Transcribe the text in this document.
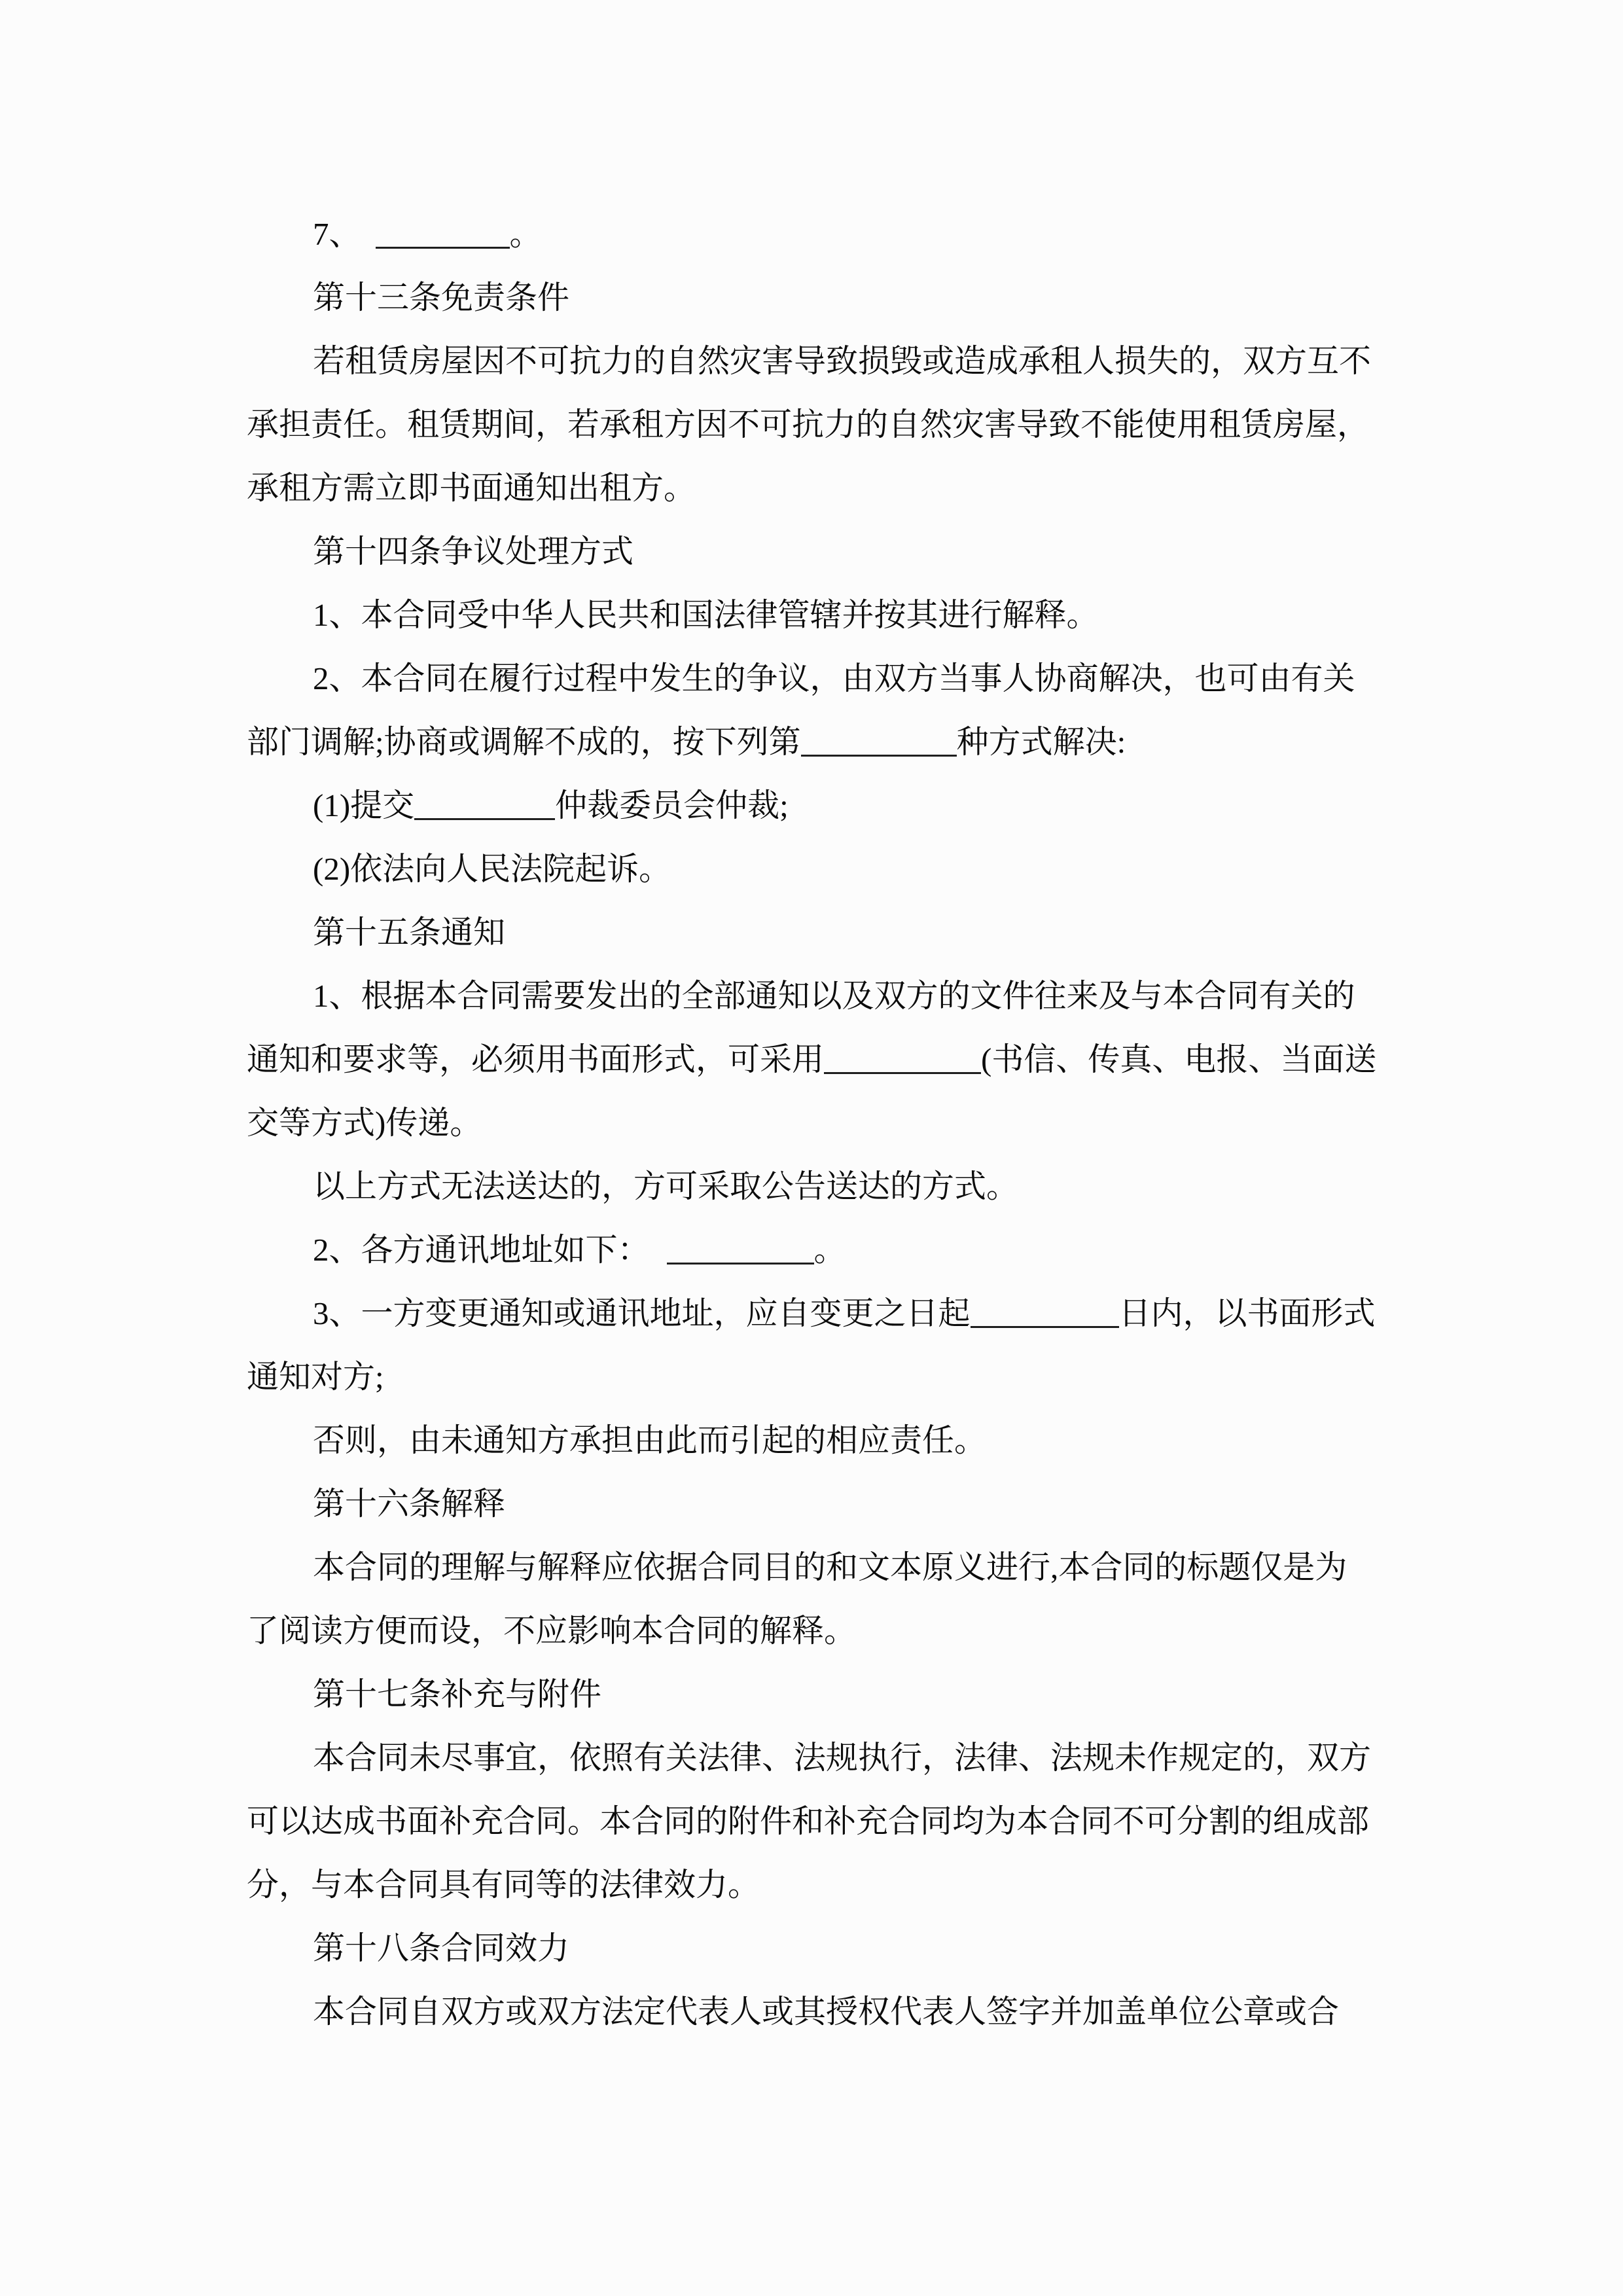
7、	。

第十三条免责条件

若租赁房屋因不可抗力的自然灾害导致损毁或造成承租人损失的，双方互不

承担责任。租赁期间，若承租方因不可抗力的自然灾害导致不能使用租赁房屋，

承租方需立即书面通知出租方。

第十四条争议处理方式

1、本合同受中华人民共和国法律管辖并按其进行解释。

2、本合同在履行过程中发生的争议，由双方当事人协商解决，也可由有关

部门调解;协商或调解不成的，按下列第	种方式解决:

(1)提交	仲裁委员会仲裁;

(2)依法向人民法院起诉。

第十五条通知

1、根据本合同需要发出的全部通知以及双方的文件往来及与本合同有关的

通知和要求等，必须用书面形式，可采用	(书信、传真、电报、当面送

交等方式)传递。

以上方式无法送达的，方可采取公告送达的方式。

2、各方通讯地址如下：	。

3、一方变更通知或通讯地址，应自变更之日起	日内，以书面形式

通知对方;

否则，由未通知方承担由此而引起的相应责任。

第十六条解释

本合同的理解与解释应依据合同目的和文本原义进行,本合同的标题仅是为

了阅读方便而设，不应影响本合同的解释。

第十七条补充与附件

本合同未尽事宜，依照有关法律、法规执行，法律、法规未作规定的，双方

可以达成书面补充合同。本合同的附件和补充合同均为本合同不可分割的组成部

分，与本合同具有同等的法律效力。

第十八条合同效力

本合同自双方或双方法定代表人或其授权代表人签字并加盖单位公章或合
